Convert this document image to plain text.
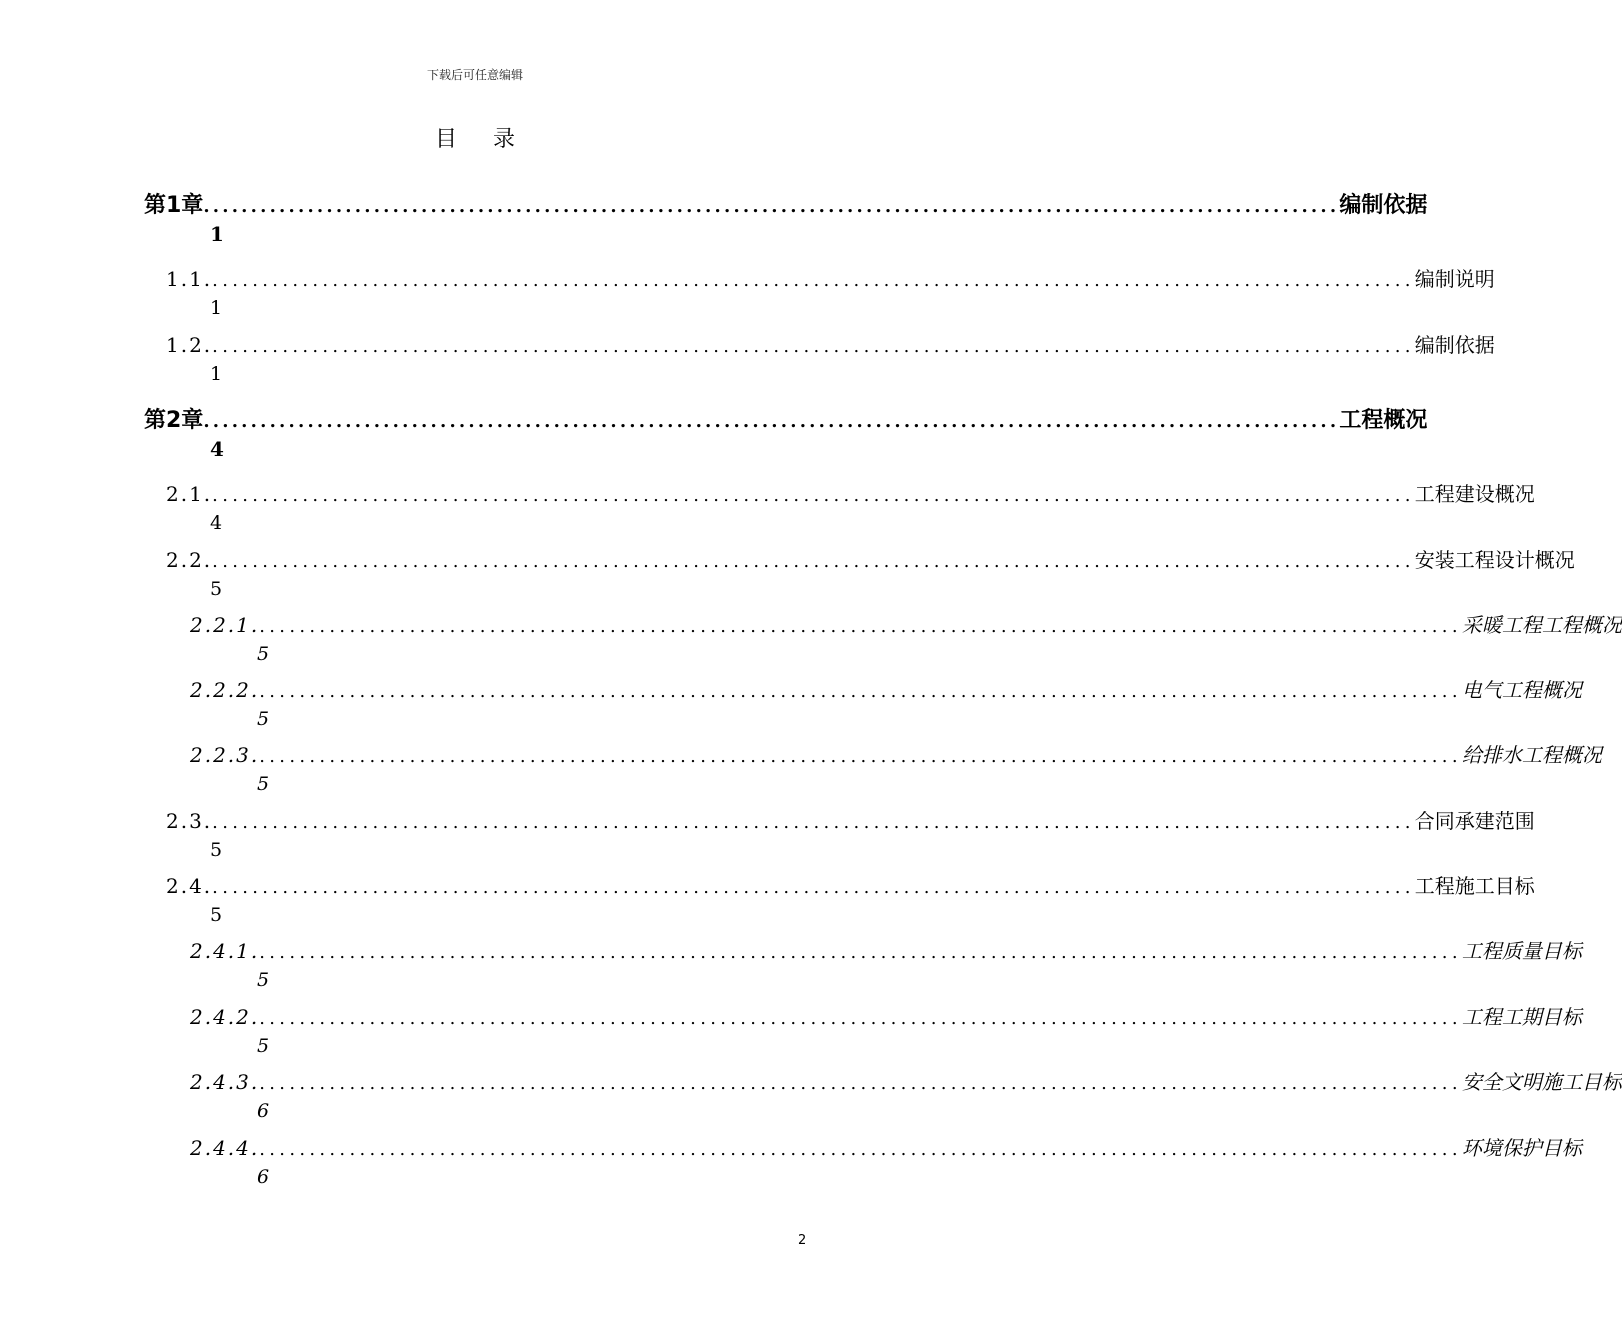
下载后可任意编辑
目录
第1章 ........................................................................................................................ 编制依据
1
1.1. ........................................................................................................................ 编制说明
1
1.2. ........................................................................................................................ 编制依据
1
第2章 ........................................................................................................................ 工程概况
4
2.1. ........................................................................................................................ 工程建设概况
4
2.2. ........................................................................................................................ 安装工程设计概况
5
2.2.1. ........................................................................................................................ 采暖工程工程概况
5
2.2.2. ........................................................................................................................ 电气工程概况
5
2.2.3. ........................................................................................................................ 给排水工程概况
5
2.3. ........................................................................................................................ 合同承建范围
5
2.4. ........................................................................................................................ 工程施工目标
5
2.4.1. ........................................................................................................................ 工程质量目标
5
2.4.2. ........................................................................................................................ 工程工期目标
5
2.4.3. ........................................................................................................................ 安全文明施工目标
6
2.4.4. ........................................................................................................................ 环境保护目标
6
2
